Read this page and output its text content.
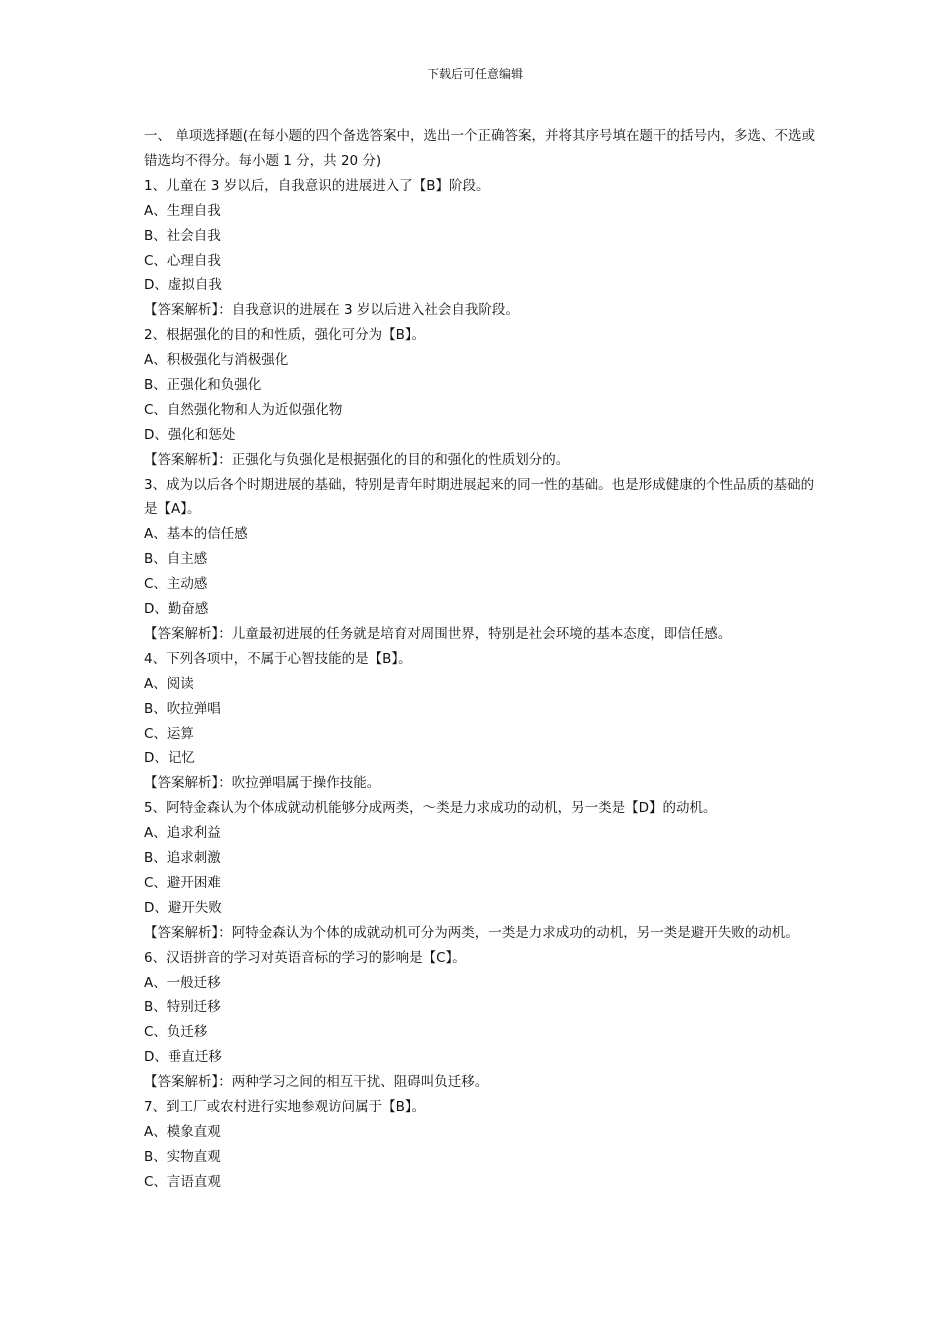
下载后可任意编辑
一、 单项选择题(在每小题的四个备选答案中，选出一个正确答案，并将其序号填在题干的括号内，多选、不选或错选均不得分。每小题 1 分，共 20 分)
1、儿童在 3 岁以后，自我意识的进展进入了【B】阶段。
A、生理自我
B、社会自我
C、心理自我
D、虚拟自我
【答案解析】：自我意识的进展在 3 岁以后进入社会自我阶段。
2、根据强化的目的和性质，强化可分为【B】。
A、积极强化与消极强化
B、正强化和负强化
C、自然强化物和人为近似强化物
D、强化和惩处
【答案解析】：正强化与负强化是根据强化的目的和强化的性质划分的。
3、成为以后各个时期进展的基础，特别是青年时期进展起来的同一性的基础。也是形成健康的个性品质的基础的是【A】。
A、基本的信任感
B、自主感
C、主动感
D、勤奋感
【答案解析】：儿童最初进展的任务就是培育对周围世界，特别是社会环境的基本态度，即信任感。
4、下列各项中，不属于心智技能的是【B】。
A、阅读
B、吹拉弹唱
C、运算
D、记忆
【答案解析】：吹拉弹唱属于操作技能。
5、阿特金森认为个体成就动机能够分成两类，～类是力求成功的动机，另一类是【D】的动机。
A、追求利益
B、追求刺激
C、避开困难
D、避开失败
【答案解析】：阿特金森认为个体的成就动机可分为两类，一类是力求成功的动机，另一类是避开失败的动机。
6、汉语拼音的学习对英语音标的学习的影响是【C】。
A、一般迁移
B、特别迁移
C、负迁移
D、垂直迁移
【答案解析】：两种学习之间的相互干扰、阻碍叫负迁移。
7、到工厂或农村进行实地参观访问属于【B】。
A、模象直观
B、实物直观
C、言语直观
